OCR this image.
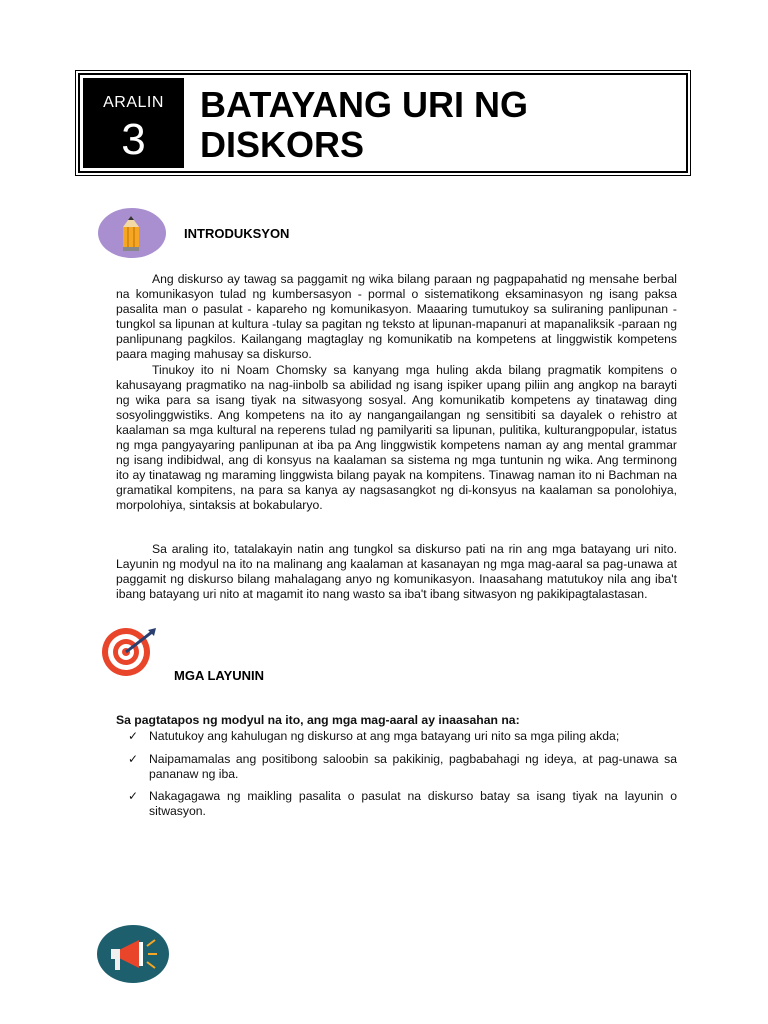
ARALIN
3
BATAYANG URI NG
DISKORS
INTRODUKSYON

Ang diskurso ay tawag sa paggamit ng wika bilang paraan ng pagpapahatid ng mensahe berbal na komunikasyon tulad ng kumbersasyon - pormal o sistematikong eksaminasyon ng isang paksa pasalita man o pasulat - kapareho ng komunikasyon. Maaaring tumutukoy sa suliraning panlipunan -tungkol sa lipunan at kultura -tulay sa pagitan ng teksto at lipunan-mapanuri at mapanaliksik -paraan ng panlipunang pagkilos. Kailangang magtaglay ng komunikatib na kompetens at linggwistik kompetens paara maging mahusay sa diskurso.

Tinukoy ito ni Noam Chomsky sa kanyang mga huling akda bilang pragmatik kompitens o kahusayang pragmatiko na nag-iinbolb sa abilidad ng isang ispiker upang piliin ang angkop na barayti ng wika para sa isang tiyak na sitwasyong sosyal. Ang komunikatib kompetens ay tinatawag ding sosyolinggwistiks. Ang kompetens na ito ay nangangailangan ng sensitibiti sa dayalek o rehistro at kaalaman sa mga kultural na reperens tulad ng pamilyariti sa lipunan, pulitika, kulturangpopular, istatus ng mga pangyayaring panlipunan at iba pa Ang linggwistik kompetens naman ay ang mental grammar ng isang indibidwal, ang di konsyus na kaalaman sa sistema ng mga tuntunin ng wika. Ang terminong ito ay tinatawag ng maraming linggwista bilang payak na kompitens. Tinawag naman ito ni Bachman na gramatikal kompitens, na para sa kanya ay nagsasangkot ng di-konsyus na kaalaman sa ponolohiya, morpolohiya, sintaksis at bokabularyo.

Sa araling ito, tatalakayin natin ang tungkol sa diskurso pati na rin ang mga batayang uri nito. Layunin ng modyul na ito na malinang ang kaalaman at kasanayan ng mga mag-aaral sa pag-unawa at paggamit ng diskurso bilang mahalagang anyo ng komunikasyon. Inaasahang matutukoy nila ang iba't ibang batayang uri nito at magamit ito nang wasto sa iba't ibang sitwasyon ng pakikipagtalastasan.

MGA LAYUNIN
Sa pagtatapos ng modyul na ito, ang mga mag-aaral ay inaasahan na:
✓ Natutukoy ang kahulugan ng diskurso at ang mga batayang uri nito sa mga piling akda;
✓ Naipamamalas ang positibong saloobin sa pakikinig, pagbabahagi ng ideya, at pag-unawa sa pananaw ng iba.
✓ Nakagagawa ng maikling pasalita o pasulat na diskurso batay sa isang tiyak na layunin o sitwasyon.
